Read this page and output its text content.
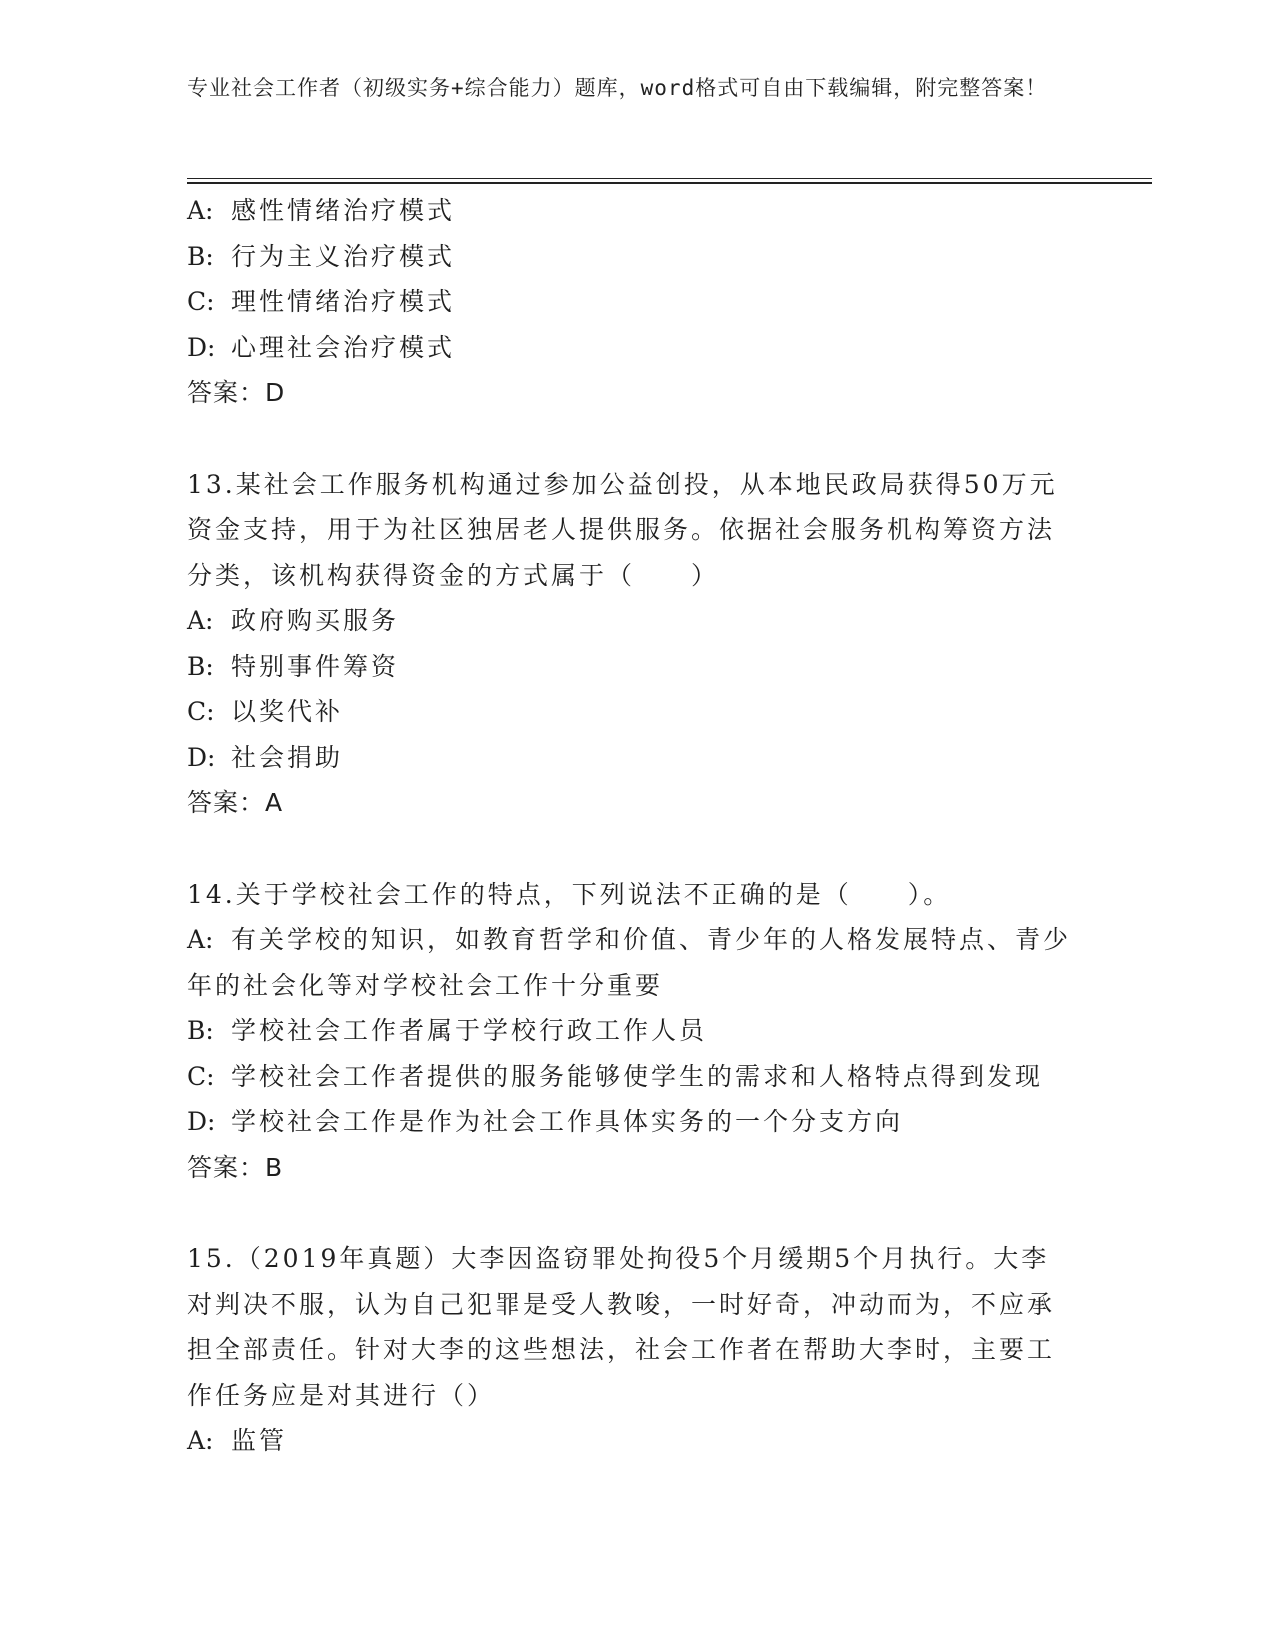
专业社会工作者（初级实务+综合能力）题库，word格式可自由下载编辑，附完整答案！
A: 感性情绪治疗模式
B: 行为主义治疗模式
C: 理性情绪治疗模式
D: 心理社会治疗模式
答案：D
13.某社会工作服务机构通过参加公益创投，从本地民政局获得50万元资金支持，用于为社区独居老人提供服务。依据社会服务机构筹资方法分类，该机构获得资金的方式属于（　　）
A: 政府购买服务
B: 特别事件筹资
C: 以奖代补
D: 社会捐助
答案：A
14.关于学校社会工作的特点，下列说法不正确的是（　　）。
A: 有关学校的知识，如教育哲学和价值、青少年的人格发展特点、青少年的社会化等对学校社会工作十分重要
B: 学校社会工作者属于学校行政工作人员
C: 学校社会工作者提供的服务能够使学生的需求和人格特点得到发现
D: 学校社会工作是作为社会工作具体实务的一个分支方向
答案：B
15.（2019年真题）大李因盗窃罪处拘役5个月缓期5个月执行。大李对判决不服，认为自己犯罪是受人教唆，一时好奇，冲动而为，不应承担全部责任。针对大李的这些想法，社会工作者在帮助大李时，主要工作任务应是对其进行（）
A: 监管
